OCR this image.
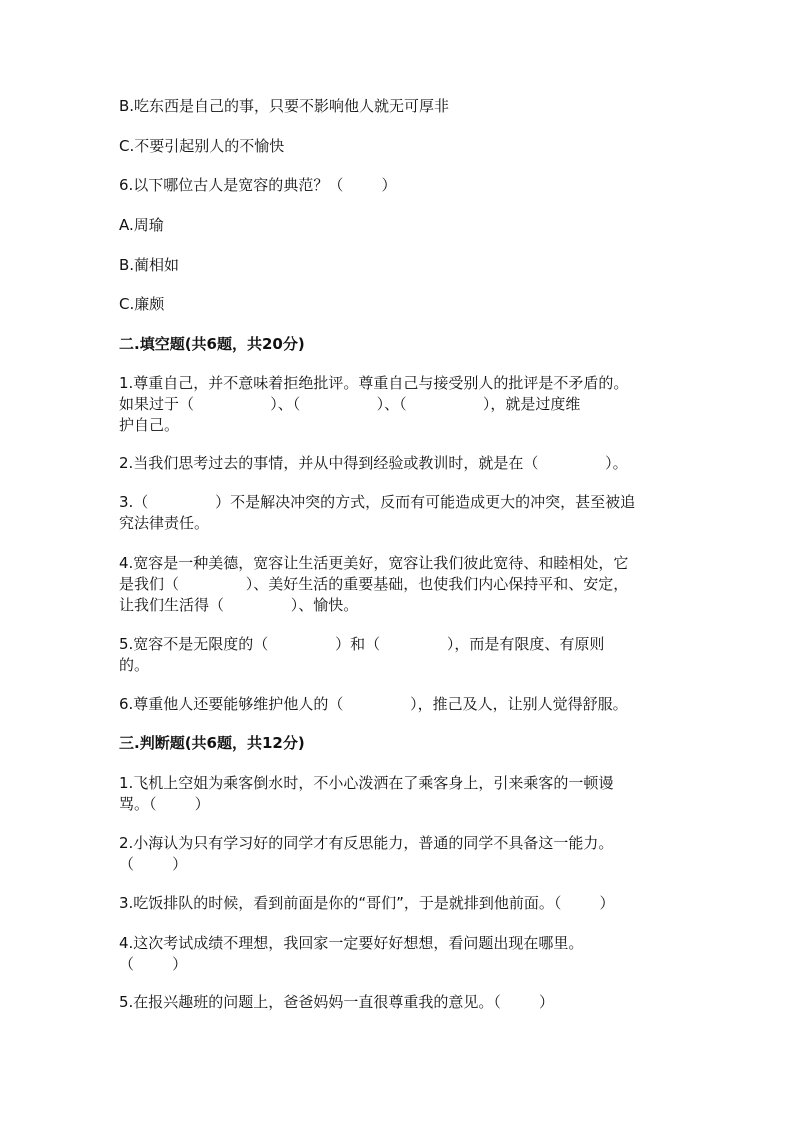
B.吃东西是自己的事，只要不影响他人就无可厚非
C.不要引起别人的不愉快
6.以下哪位古人是宽容的典范？（        ）
A.周瑜
B.蔺相如
C.廉颇
二.填空题(共6题，共20分)
1.尊重自己，并不意味着拒绝批评。尊重自己与接受别人的批评是不矛盾的。
如果过于（                ）、（                ）、（                ），就是过度维
护自己。
2.当我们思考过去的事情，并从中得到经验或教训时，就是在（              ）。
3.（              ）不是解决冲突的方式，反而有可能造成更大的冲突，甚至被追
究法律责任。
4.宽容是一种美德，宽容让生活更美好，宽容让我们彼此宽待、和睦相处，它
是我们（              ）、美好生活的重要基础，也使我们内心保持平和、安定，
让我们生活得（              ）、愉快。
5.宽容不是无限度的（              ）和（              ），而是有限度、有原则
的。
6.尊重他人还要能够维护他人的（              ），推己及人，让别人觉得舒服。
三.判断题(共6题，共12分)
1.飞机上空姐为乘客倒水时，不小心泼洒在了乘客身上，引来乘客的一顿谩
骂。（        ）
2.小海认为只有学习好的同学才有反思能力，普通的同学不具备这一能力。
（        ）
3.吃饭排队的时候，看到前面是你的“哥们”，于是就排到他前面。（        ）
4.这次考试成绩不理想，我回家一定要好好想想，看问题出现在哪里。
（        ）
5.在报兴趣班的问题上，爸爸妈妈一直很尊重我的意见。（        ）
